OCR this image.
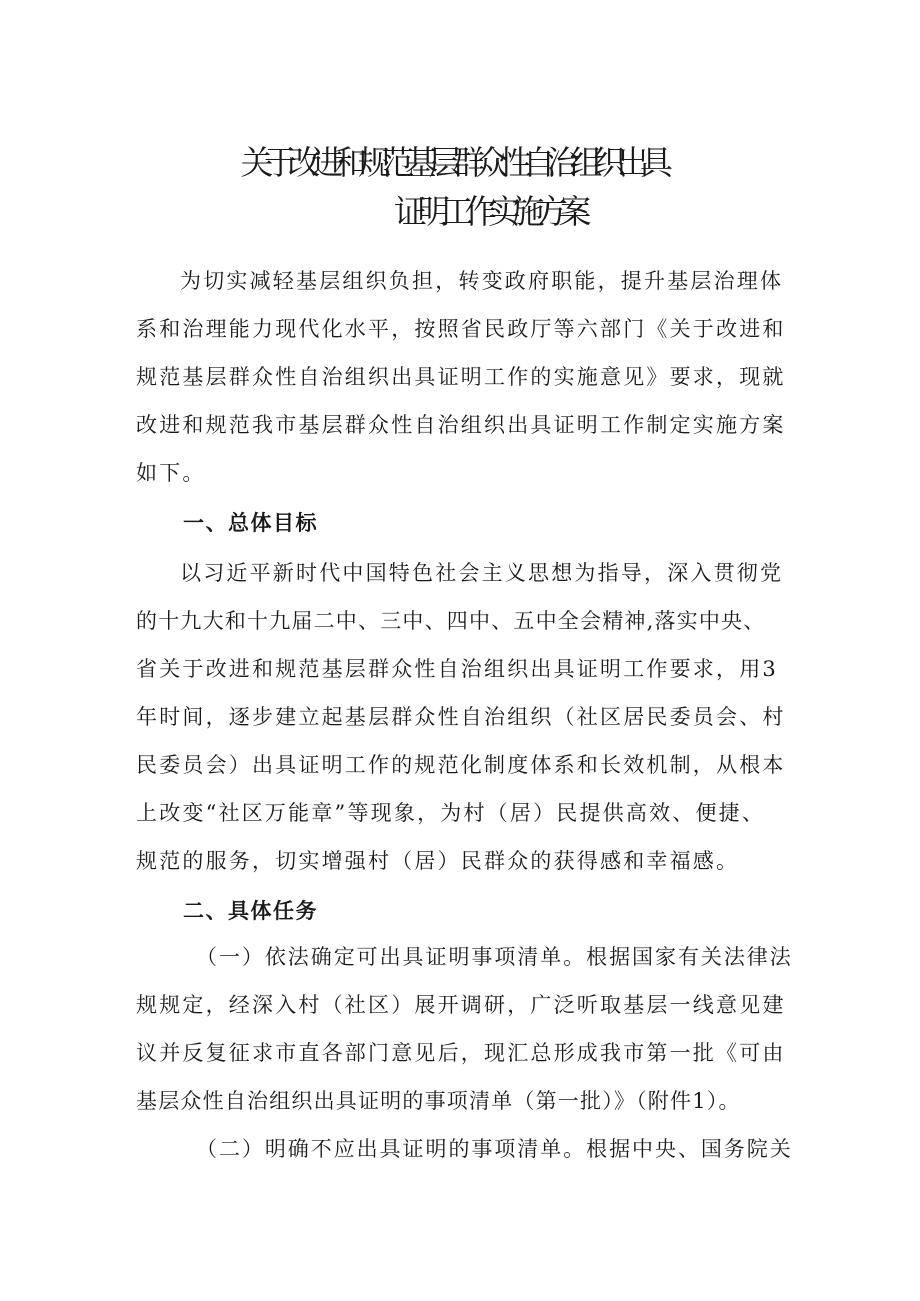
关于改进和规范基层群众性自治组织出具
证明工作实施方案

为切实减轻基层组织负担，转变政府职能，提升基层治理体

系和治理能力现代化水平，按照省民政厅等六部门《关于改进和

规范基层群众性自治组织出具证明工作的实施意见》要求，现就

改进和规范我市基层群众性自治组织出具证明工作制定实施方案

如下。

一、总体目标

以习近平新时代中国特色社会主义思想为指导，深入贯彻党

的十九大和十九届二中、三中、四中、五中全会精神,落实中央、

省关于改进和规范基层群众性自治组织出具证明工作要求，用3

年时间，逐步建立起基层群众性自治组织（社区居民委员会、村

民委员会）出具证明工作的规范化制度体系和长效机制，从根本

上改变“社区万能章”等现象，为村（居）民提供高效、便捷、

规范的服务，切实增强村（居）民群众的获得感和幸福感。

二、具体任务

（一）依法确定可出具证明事项清单。根据国家有关法律法

规规定，经深入村（社区）展开调研，广泛听取基层一线意见建

议并反复征求市直各部门意见后，现汇总形成我市第一批《可由

基层众性自治组织出具证明的事项清单（第一批）》（附件1）。

（二）明确不应出具证明的事项清单。根据中央、国务院关
